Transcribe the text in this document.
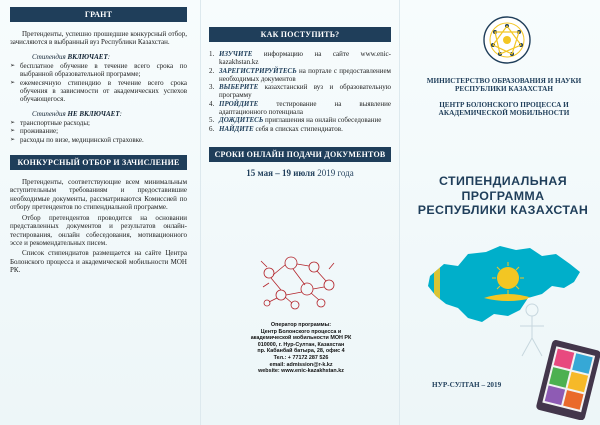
ГРАНТ

Претенденты, успешно прошедшие конкурсный отбор, зачисляются в выбранный вуз Республики Казахстан.

Стипендия ВКЛЮЧАЕТ:

➢ бесплатное обучение в течение всего срока по выбранной образовательной программе;
➢ ежемесячную стипендию в течение всего срока обучения в зависимости от академических успехов обучающегося.

Стипендия НЕ ВКЛЮЧАЕТ:

➢ транспортные расходы;
➢ проживание;
➢ расходы по визе, медицинской страховке.
КОНКУРСНЫЙ ОТБОР И ЗАЧИСЛЕНИЕ

Претенденты, соответствующие всем минимальным вступительным требованиям и предоставившие необходимые документы, рассматриваются Комиссией по отбору претендентов по стипендиальной программе.

Отбор претендентов проводится на основании представленных документов и результатов онлайн-тестирования, онлайн собеседования, мотивационного эссе и рекомендательных писем.

Список стипендиатов размещается на сайте Центра Болонского процесса и академической мобильности МОН РК.

КАК ПОСТУПИТЬ?
1. ИЗУЧИТЕ информацию на сайте www.enic-kazakhstan.kz
2. ЗАРЕГИСТРИРУЙТЕСЬ на портале с предоставлением необходимых документов
3. ВЫБЕРИТЕ казахстанский вуз и образовательную программу
4. ПРОЙДИТЕ тестирование на выявление адаптационного потенциала
5. ДОЖДИТЕСЬ приглашения на онлайн собеседование
6. НАЙДИТЕ себя в списках стипендиатов.
СРОКИ ОНЛАЙН ПОДАЧИ ДОКУМЕНТОВ

15 мая – 19 июля 2019 года

Оператор программы:
Центр Болонского процесса и
академической мобильности МОН РК
010000, г. Нур-Султан, Казахстан
пр. Кабанбай батыра, 28, офис 4
Тел.: + 77172 287 526
email: admission@r-k.kz
website: www.enic-kazakhstan.kz
МИНИСТЕРСТВО ОБРАЗОВАНИЯ И НАУКИ РЕСПУБЛИКИ КАЗАХСТАН
ЦЕНТР БОЛОНСКОГО ПРОЦЕССА И АКАДЕМИЧЕСКОЙ МОБИЛЬНОСТИ
СТИПЕНДИАЛЬНАЯ
ПРОГРАММА
РЕСПУБЛИКИ КАЗАХСТАН
НУР-СУЛТАН – 2019
